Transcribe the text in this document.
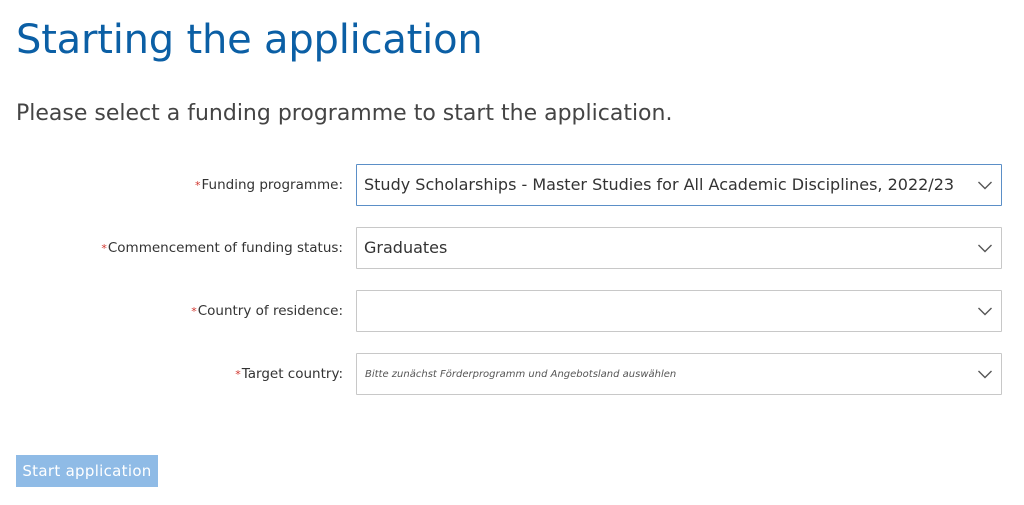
Starting the application

Please select a funding programme to start the application.

*Funding programme: Study Scholarships - Master Studies for All Academic Disciplines, 2022/23
*Commencement of funding status: Graduates
*Country of residence:
*Target country: Bitte zunächst Förderprogramm und Angebotsland auswählen
Start application
